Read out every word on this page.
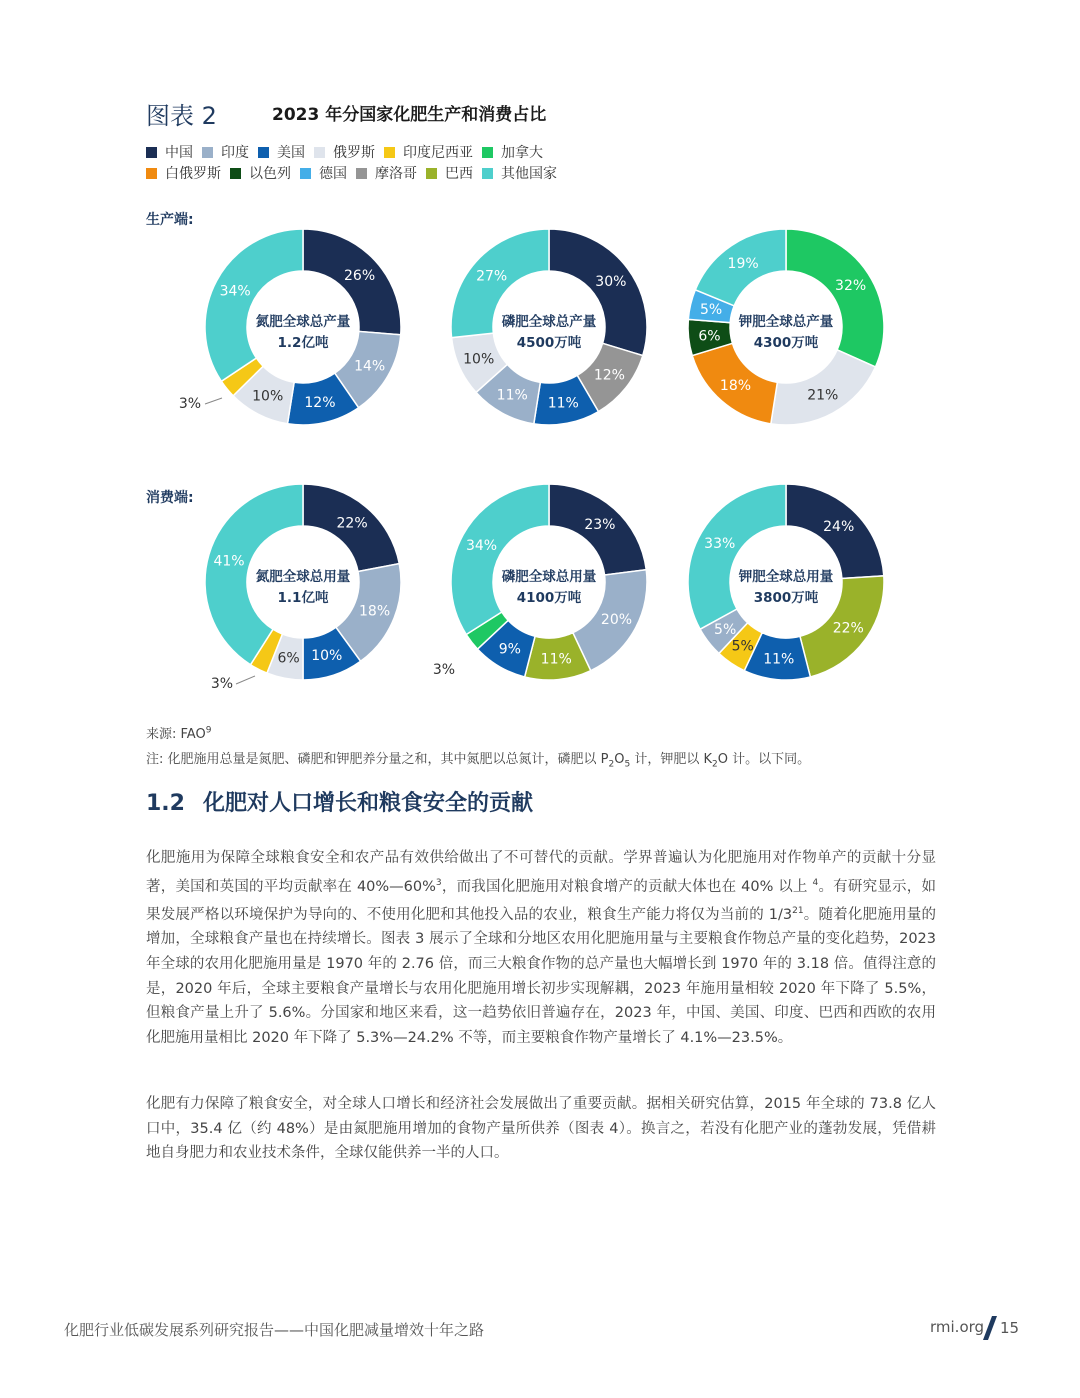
图表 2	2023 年分国家化肥生产和消费占比
中国 印度 美国 俄罗斯 印度尼西亚 加拿大
白俄罗斯 以色列 德国 摩洛哥 巴西 其他国家
生产端:
消费端:
26%
14%
12%
10%
3%
34%
氮肥全球总产量
1.2亿吨
30%
12%
11%
11%
10%
27%
磷肥全球总产量
4500万吨
32%
21%
18%
6%
5%
19%
钾肥全球总产量
4300万吨
22%
18%
10%
6%
3%
41%
氮肥全球总用量
1.1亿吨
23%
20%
11%
9%
3%
34%
磷肥全球总用量
4100万吨
24%
22%
11%
5%
5%
33%
钾肥全球总用量
3800万吨
来源: FAO$^9$
注: 化肥施用总量是氮肥、磷肥和钾肥养分量之和，其中氮肥以总氮计，磷肥以 $P_2O_5$ 计，钾肥以 $K_2O$ 计。以下同。
1.2 化肥对人口增长和粮食安全的贡献

化肥施用为保障全球粮食安全和农产品有效供给做出了不可替代的贡献。学界普遍认为化肥施用对作物单产的贡献十分显著，美国和英国的平均贡献率在 40%—60%$^3$，而我国化肥施用对粮食增产的贡献大体也在 40% 以上 $^4$。有研究显示，如果发展严格以环境保护为导向的、不使用化肥和其他投入品的农业，粮食生产能力将仅为当前的 $1/3^{21}$。随着化肥施用量的增加，全球粮食产量也在持续增长。图表 3 展示了全球和分地区农用化肥施用量与主要粮食作物总产量的变化趋势，2023 年全球的农用化肥施用量是 1970 年的 2.76 倍，而三大粮食作物的总产量也大幅增长到 1970 年的 3.18 倍。值得注意的是，2020 年后，全球主要粮食产量增长与农用化肥施用增长初步实现解耦，2023 年施用量相较 2020 年下降了 5.5%，但粮食产量上升了 5.6%。分国家和地区来看，这一趋势依旧普遍存在，2023 年，中国、美国、印度、巴西和西欧的农用化肥施用量相比 2020 年下降了 5.3%—24.2% 不等，而主要粮食作物产量增长了 4.1%—23.5%。

化肥有力保障了粮食安全，对全球人口增长和经济社会发展做出了重要贡献。据相关研究估算，2015 年全球的 73.8 亿人口中，35.4 亿（约 48%）是由氮肥施用增加的食物产量所供养（图表 4）。换言之，若没有化肥产业的蓬勃发展，凭借耕地自身肥力和农业技术条件，全球仅能供养一半的人口。

化肥行业低碳发展系列研究报告——中国化肥减量增效十年之路	rmi.org 15
